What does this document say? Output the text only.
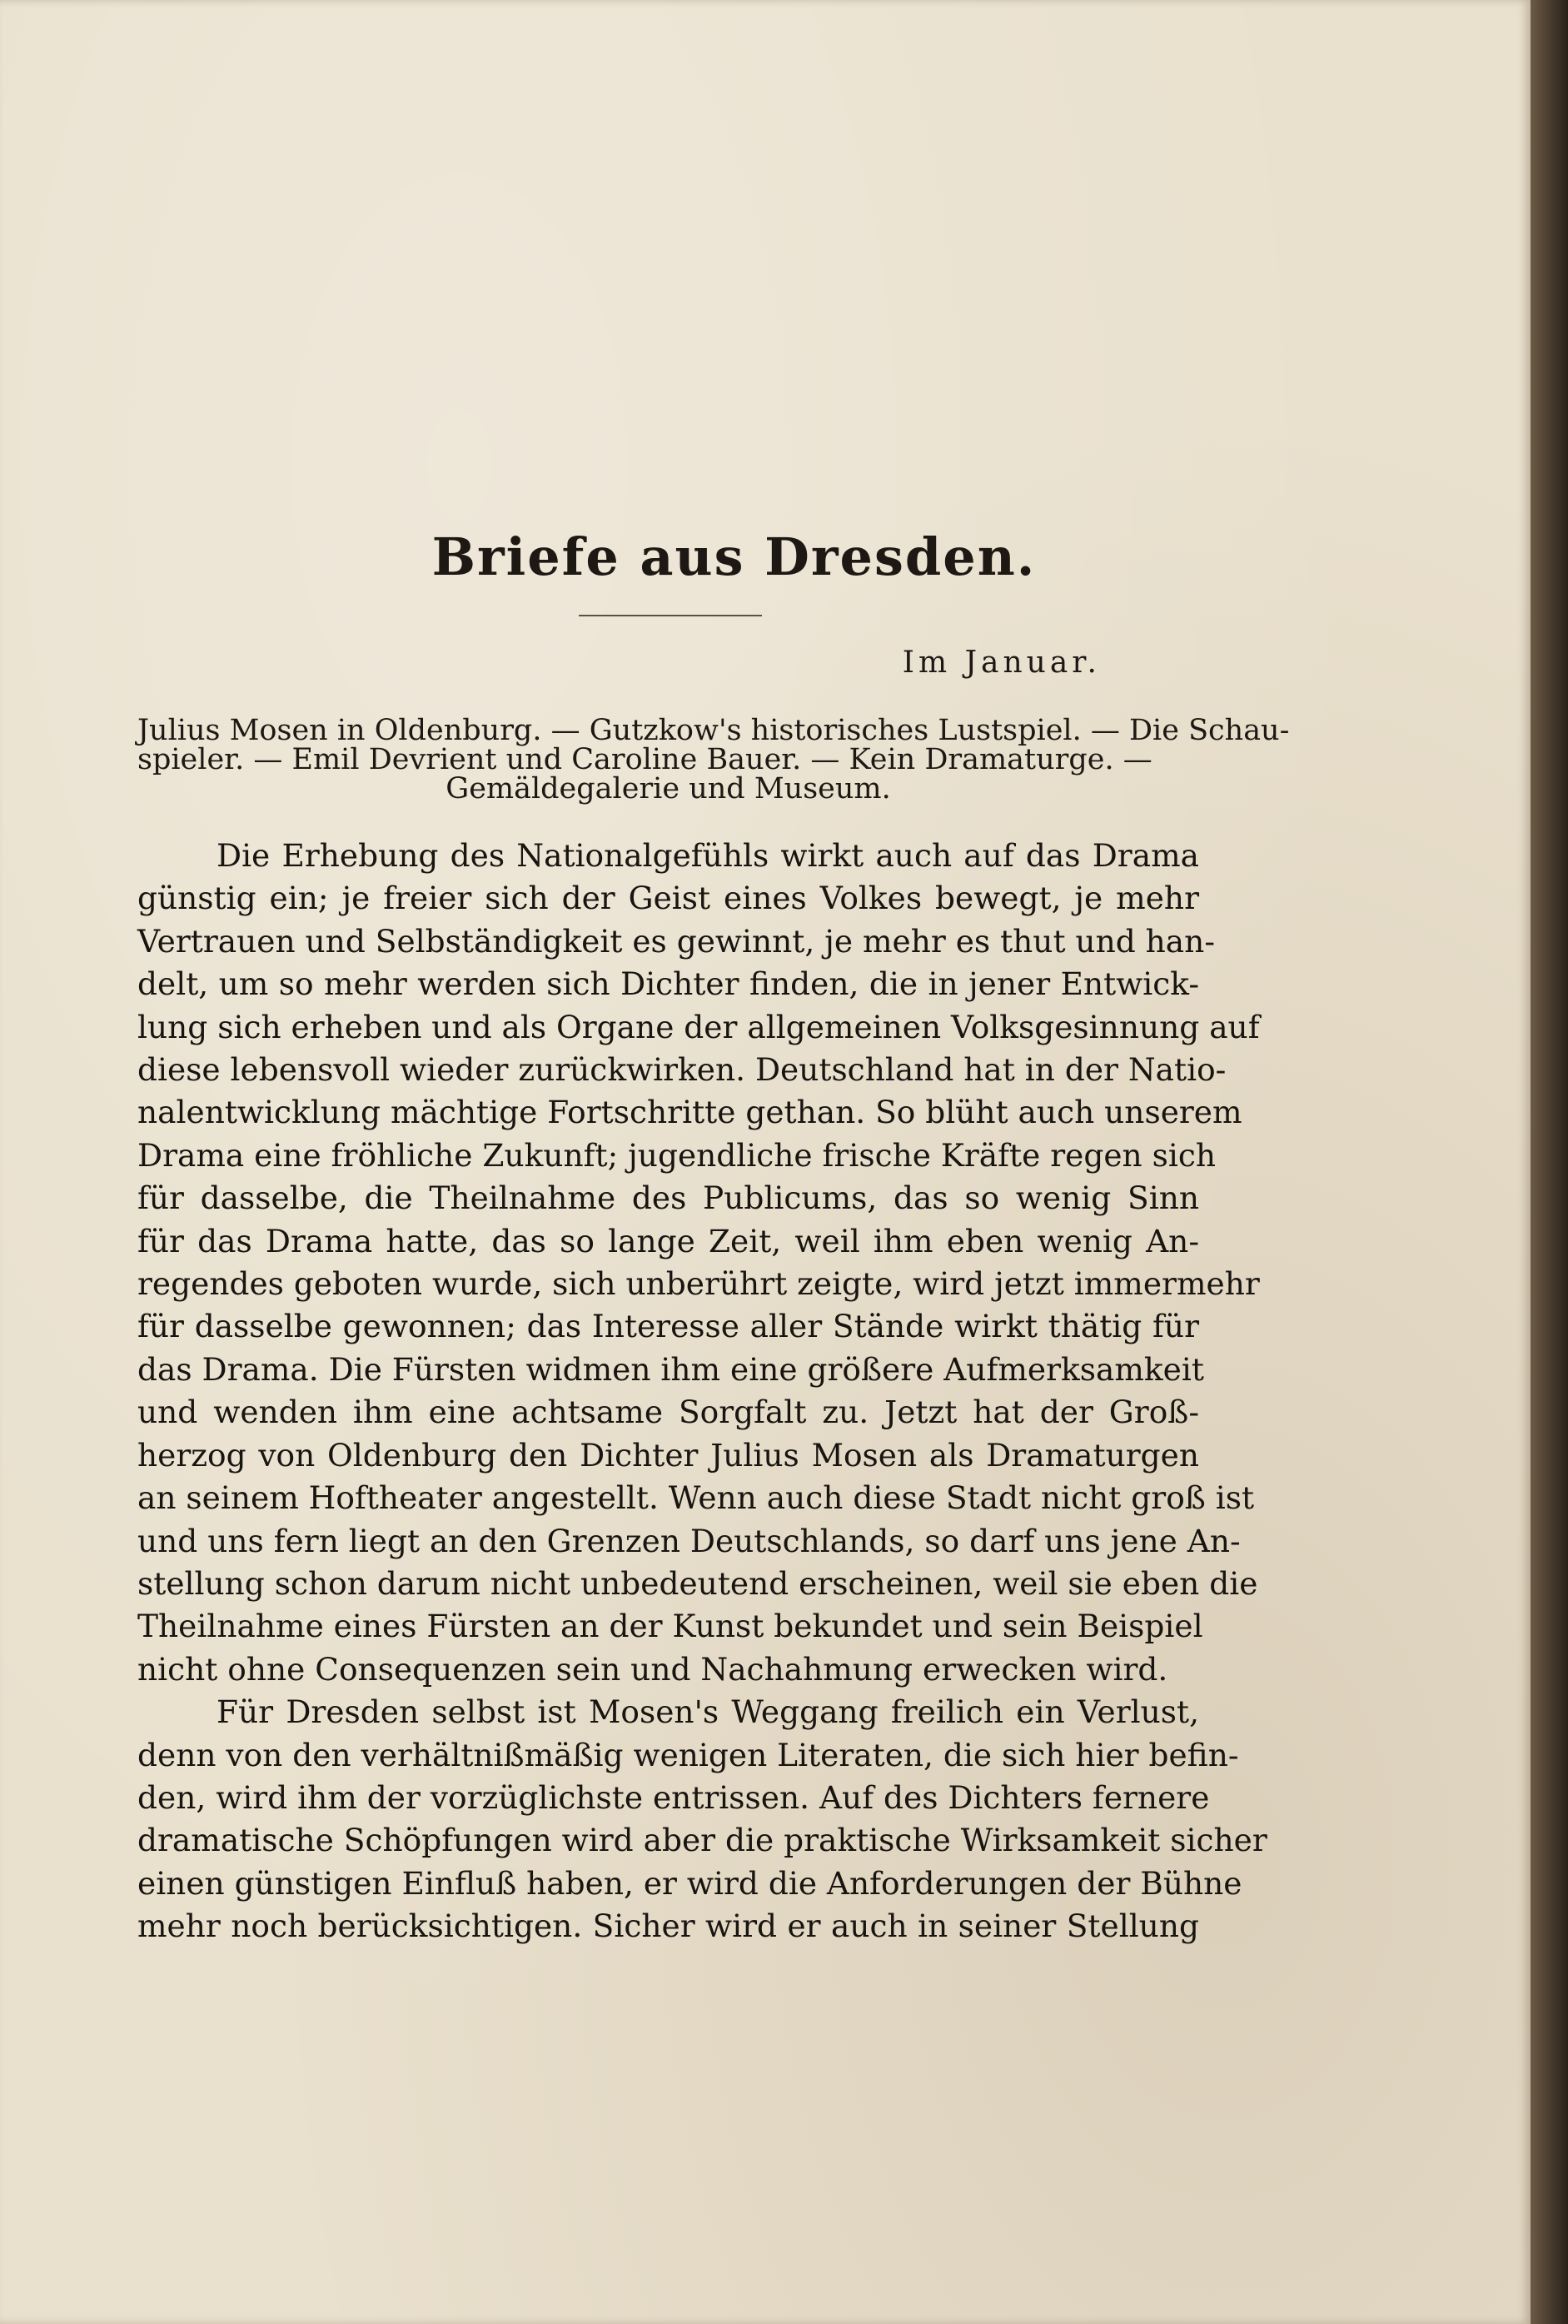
Briefe aus Dresden.
Im Januar.
Julius Mosen in Oldenburg. — Gutzkow's historisches Lustspiel. — Die Schau-
spieler. — Emil Devrient und Caroline Bauer. — Kein Dramaturge. —
Gemäldegalerie und Museum.
Die Erhebung des Nationalgefühls wirkt auch auf das Drama
günstig ein; je freier sich der Geist eines Volkes bewegt, je mehr
Vertrauen und Selbständigkeit es gewinnt, je mehr es thut und han-
delt, um so mehr werden sich Dichter finden, die in jener Entwick-
lung sich erheben und als Organe der allgemeinen Volksgesinnung auf
diese lebensvoll wieder zurückwirken. Deutschland hat in der Natio-
nalentwicklung mächtige Fortschritte gethan. So blüht auch unserem
Drama eine fröhliche Zukunft; jugendliche frische Kräfte regen sich
für dasselbe, die Theilnahme des Publicums, das so wenig Sinn
für das Drama hatte, das so lange Zeit, weil ihm eben wenig An-
regendes geboten wurde, sich unberührt zeigte, wird jetzt immermehr
für dasselbe gewonnen; das Interesse aller Stände wirkt thätig für
das Drama. Die Fürsten widmen ihm eine größere Aufmerksamkeit
und wenden ihm eine achtsame Sorgfalt zu. Jetzt hat der Groß-
herzog von Oldenburg den Dichter Julius Mosen als Dramaturgen
an seinem Hoftheater angestellt. Wenn auch diese Stadt nicht groß ist
und uns fern liegt an den Grenzen Deutschlands, so darf uns jene An-
stellung schon darum nicht unbedeutend erscheinen, weil sie eben die
Theilnahme eines Fürsten an der Kunst bekundet und sein Beispiel
nicht ohne Consequenzen sein und Nachahmung erwecken wird.
Für Dresden selbst ist Mosen's Weggang freilich ein Verlust,
denn von den verhältnißmäßig wenigen Literaten, die sich hier befin-
den, wird ihm der vorzüglichste entrissen. Auf des Dichters fernere
dramatische Schöpfungen wird aber die praktische Wirksamkeit sicher
einen günstigen Einfluß haben, er wird die Anforderungen der Bühne
mehr noch berücksichtigen. Sicher wird er auch in seiner Stellung
